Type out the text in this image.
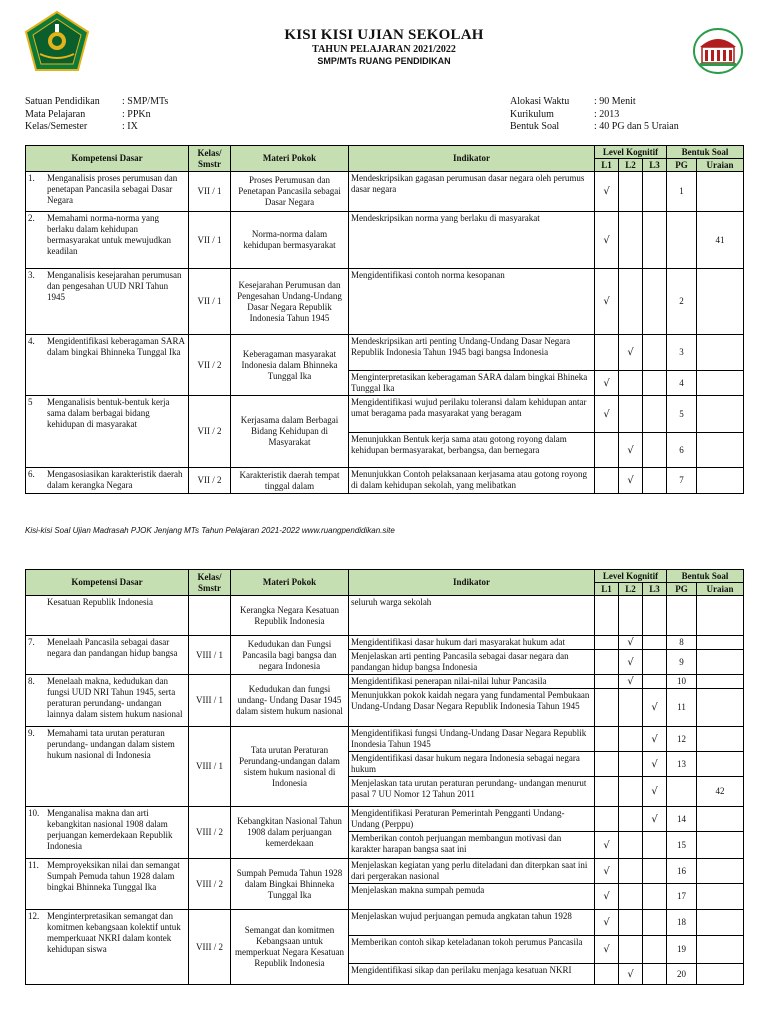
KISI KISI UJIAN SEKOLAH
TAHUN PELAJARAN 2021/2022
SMP/MTs RUANG PENDIDIKAN
Satuan Pendidikan	: SMP/MTs
Mata Pelajaran	: PPKn
Kelas/Semester	: IX
Alokasi Waktu	: 90 Menit
Kurikulum	: 2013
Bentuk Soal	: 40 PG dan 5 Uraian
Kompetensi Dasar	Kelas/ Smstr	Materi Pokok	Indikator	Level Kognitif			Bentuk Soal	
				L1	L2	L3	PG	Uraian

1. Menganalisis proses perumusan dan penetapan Pancasila sebagai Dasar Negara	VII / 1	Proses Perumusan dan Penetapan Pancasila sebagai Dasar Negara	Mendeskripsikan gagasan perumusan dasar negara oleh perumus dasar negara	√			1	

2. Memahami norma-norma yang berlaku dalam kehidupan bermasyarakat untuk mewujudkan keadilan	VII / 1	Norma-norma dalam kehidupan bermasyarakat	Mendeskripsikan norma yang berlaku di masyarakat	√				41

3. Menganalisis kesejarahan perumusan dan pengesahan UUD NRI Tahun 1945	VII / 1	Kesejarahan Perumusan dan Pengesahan Undang-Undang Dasar Negara Republik Indonesia Tahun 1945	Mengidentifikasi contoh norma kesopanan	√			2	

4. Mengidentifikasi keberagaman SARA dalam bingkai Bhinneka Tunggal Ika	VII / 2	Keberagaman masyarakat Indonesia dalam Bhinneka Tunggal Ika	Mendeskripsikan arti penting Undang-Undang Dasar Negara Republik Indonesia Tahun 1945 bagi bangsa Indonesia		√		3	
			Menginterpretasikan keberagaman SARA dalam bingkai Bhineka Tunggal Ika	√			4	

5 Menganalisis bentuk-bentuk kerja sama dalam berbagai bidang kehidupan di masyarakat	VII / 2	Kerjasama dalam Berbagai Bidang Kehidupan di Masyarakat	Mengidentifikasi wujud perilaku toleransi dalam kehidupan antar umat beragama pada masyarakat yang beragam	√			5	
			Menunjukkan Bentuk kerja sama atau gotong royong dalam kehidupan bermasyarakat, berbangsa, dan bernegara		√		6	

6. Mengasosiasikan karakteristik daerah dalam kerangka Negara	VII / 2	Karakteristik daerah tempat tinggal dalam	Menunjukkan Contoh pelaksanaan kerjasama atau gotong royong di dalam kehidupan sekolah, yang melibatkan		√		7	
Kisi-kisi Soal Ujian Madrasah PJOK Jenjang MTs Tahun Pelajaran 2021-2022 www.ruangpendidikan.site
Kompetensi Dasar	Kelas/ Smstr	Materi Pokok	Indikator	Level Kognitif			Bentuk Soal	
				L1	L2	L3	PG	Uraian

Kesatuan Republik Indonesia		Kerangka Negara Kesatuan Republik Indonesia	seluruh warga sekolah					

7. Menelaah Pancasila sebagai dasar negara dan pandangan hidup bangsa	VIII / 1	Kedudukan dan Fungsi Pancasila bagi bangsa dan negara Indonesia	Mengidentifikasi dasar hukum dari masyarakat hukum adat		√		8	
			Menjelaskan arti penting Pancasila sebagai dasar negara dan pandangan hidup bangsa Indonesia		√		9	

8. Menelaah makna, kedudukan dan fungsi UUD NRI Tahun 1945, serta peraturan perundang- undangan lainnya dalam sistem hukum nasional	VIII / 1	Kedudukan dan fungsi undang- Undang Dasar 1945 dalam sistem hukum nasional	Mengidentifikasi penerapan nilai-nilai luhur Pancasila		√		10	
			Menunjukkan pokok kaidah negara yang fundamental Pembukaan Undang-Undang Dasar Negara Republik Indonesia Tahun 1945			√	11	

9. Memahami tata urutan peraturan perundang- undangan dalam sistem hukum nasional di Indonesia	VIII / 1	Tata urutan Peraturan Perundang-undangan dalam sistem hukum nasional di Indonesia	Mengidentifikasi fungsi Undang-Undang Dasar Negara Republik Inondesia Tahun 1945			√	12	
			Mengidentifikasi dasar hukum negara Indonesia sebagai negara hukum			√	13	
			Menjelaskan tata urutan peraturan perundang- undangan menurut pasal 7 UU Nomor 12 Tahun 2011			√		42

10. Menganalisa makna dan arti kebangkitan nasional 1908 dalam perjuangan kemerdekaan Republik Indonesia	VIII / 2	Kebangkitan Nasional Tahun 1908 dalam perjuangan kemerdekaan	Mengidentifikasi Peraturan Pemerintah Pengganti Undang-Undang (Perppu)			√	14	
			Memberikan contoh perjuangan membangun motivasi dan karakter harapan bangsa saat ini	√			15	

11. Memproyeksikan nilai dan semangat Sumpah Pemuda tahun 1928 dalam bingkai Bhinneka Tunggal Ika	VIII / 2	Sumpah Pemuda Tahun 1928 dalam Bingkai Bhinneka Tunggal Ika	Menjelaskan kegiatan yang perlu diteladani dan diterpkan saat ini dari pergerakan nasional	√			16	
			Menjelaskan makna sumpah pemuda	√			17	

12. Menginterpretasikan semangat dan komitmen kebangsaan kolektif untuk memperkuaat NKRI dalam kontek kehidupan siswa	VIII / 2	Semangat dan komitmen Kebangsaan untuk memperkuat Negara Kesatuan Republik Indonesia	Menjelaskan wujud perjuangan pemuda angkatan tahun 1928	√			18	
			Memberikan contoh sikap keteladanan tokoh perumus Pancasila	√			19	
			Mengidentifikasi sikap dan perilaku menjaga kesatuan NKRI		√		20	
